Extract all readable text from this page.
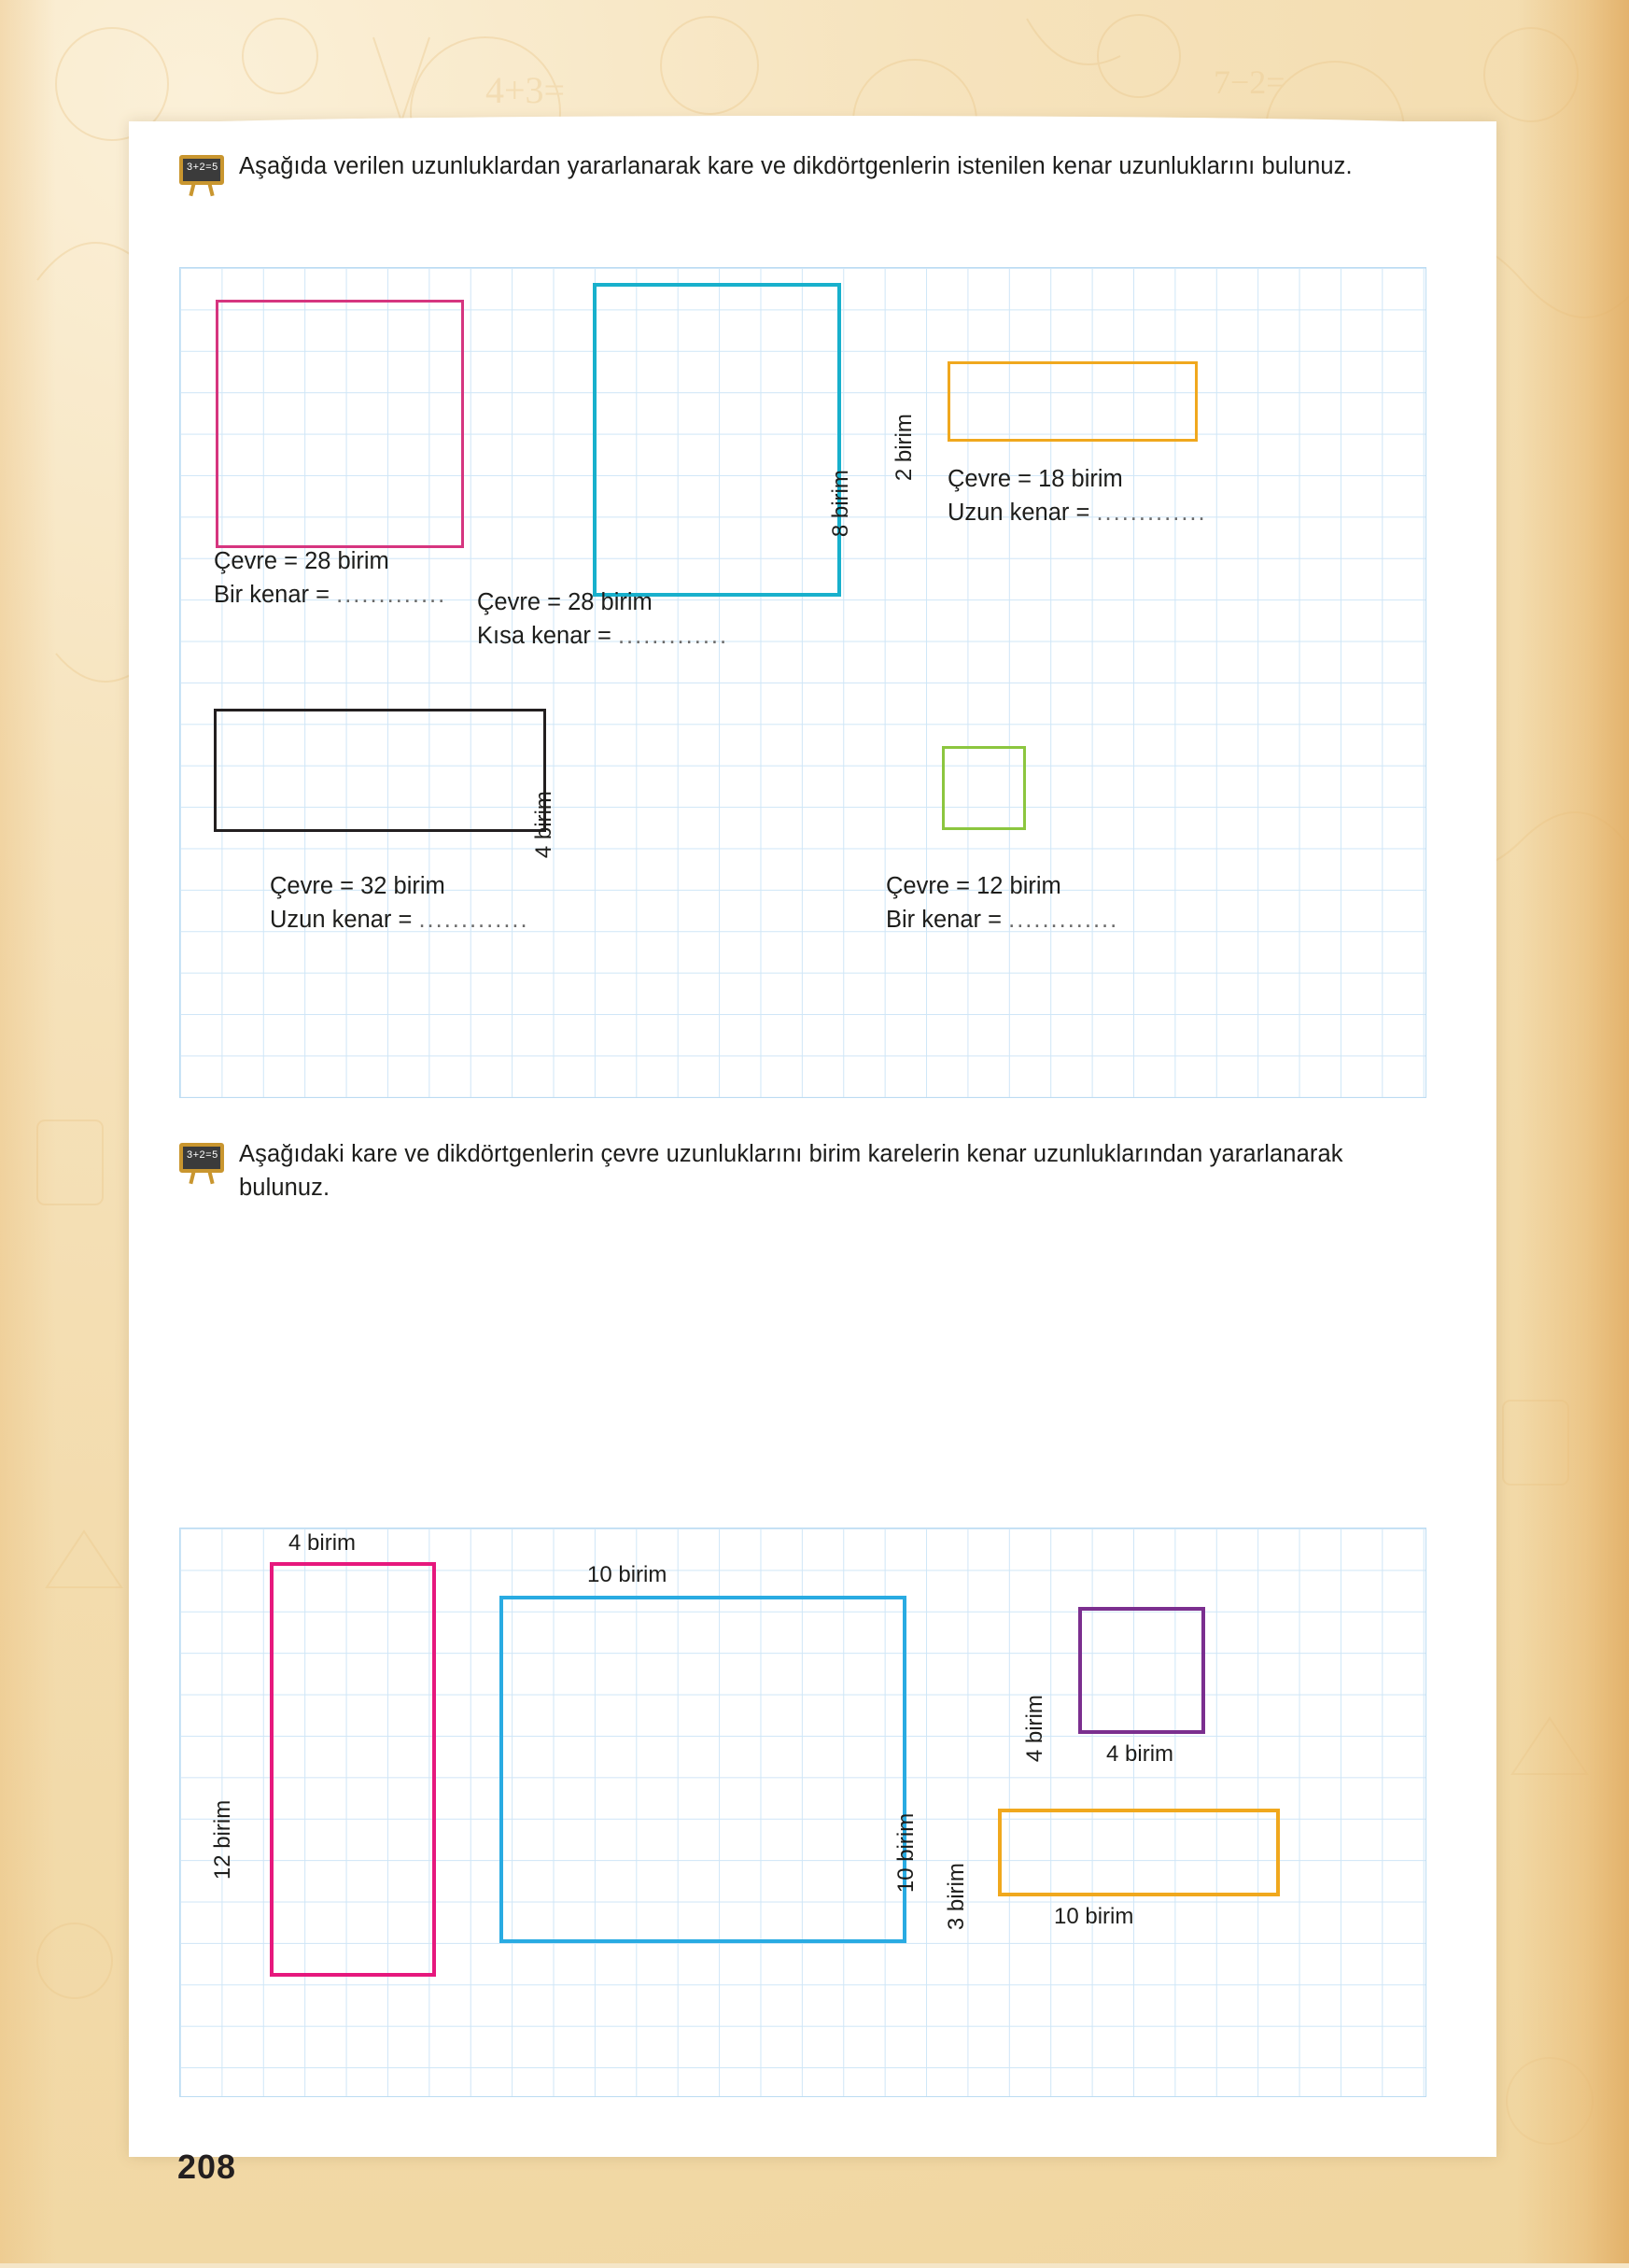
4+3=	7−2=
3+2=5 Aşağıda verilen uzunluklardan yararlanarak kare ve dikdörtgenlerin istenilen kenar uzunluklarını bulunuz.
8 birim
2 birim Çevre = 18 birim
Uzun kenar = .............
Çevre = 28 birim
Bir kenar = ............. Çevre = 28 birim
Kısa kenar = .............
4 birim
Çevre = 32 birim
Uzun kenar = .............
Çevre = 12 birim
Bir kenar = .............
3+2=5 Aşağıdaki kare ve dikdörtgenlerin çevre uzunluklarını birim karelerin kenar uzunluklarından yararlanarak bulunuz.
4 birim
12 birim
10 birim
10 birim
4 birim	4 birim
3 birim	10 birim
208
